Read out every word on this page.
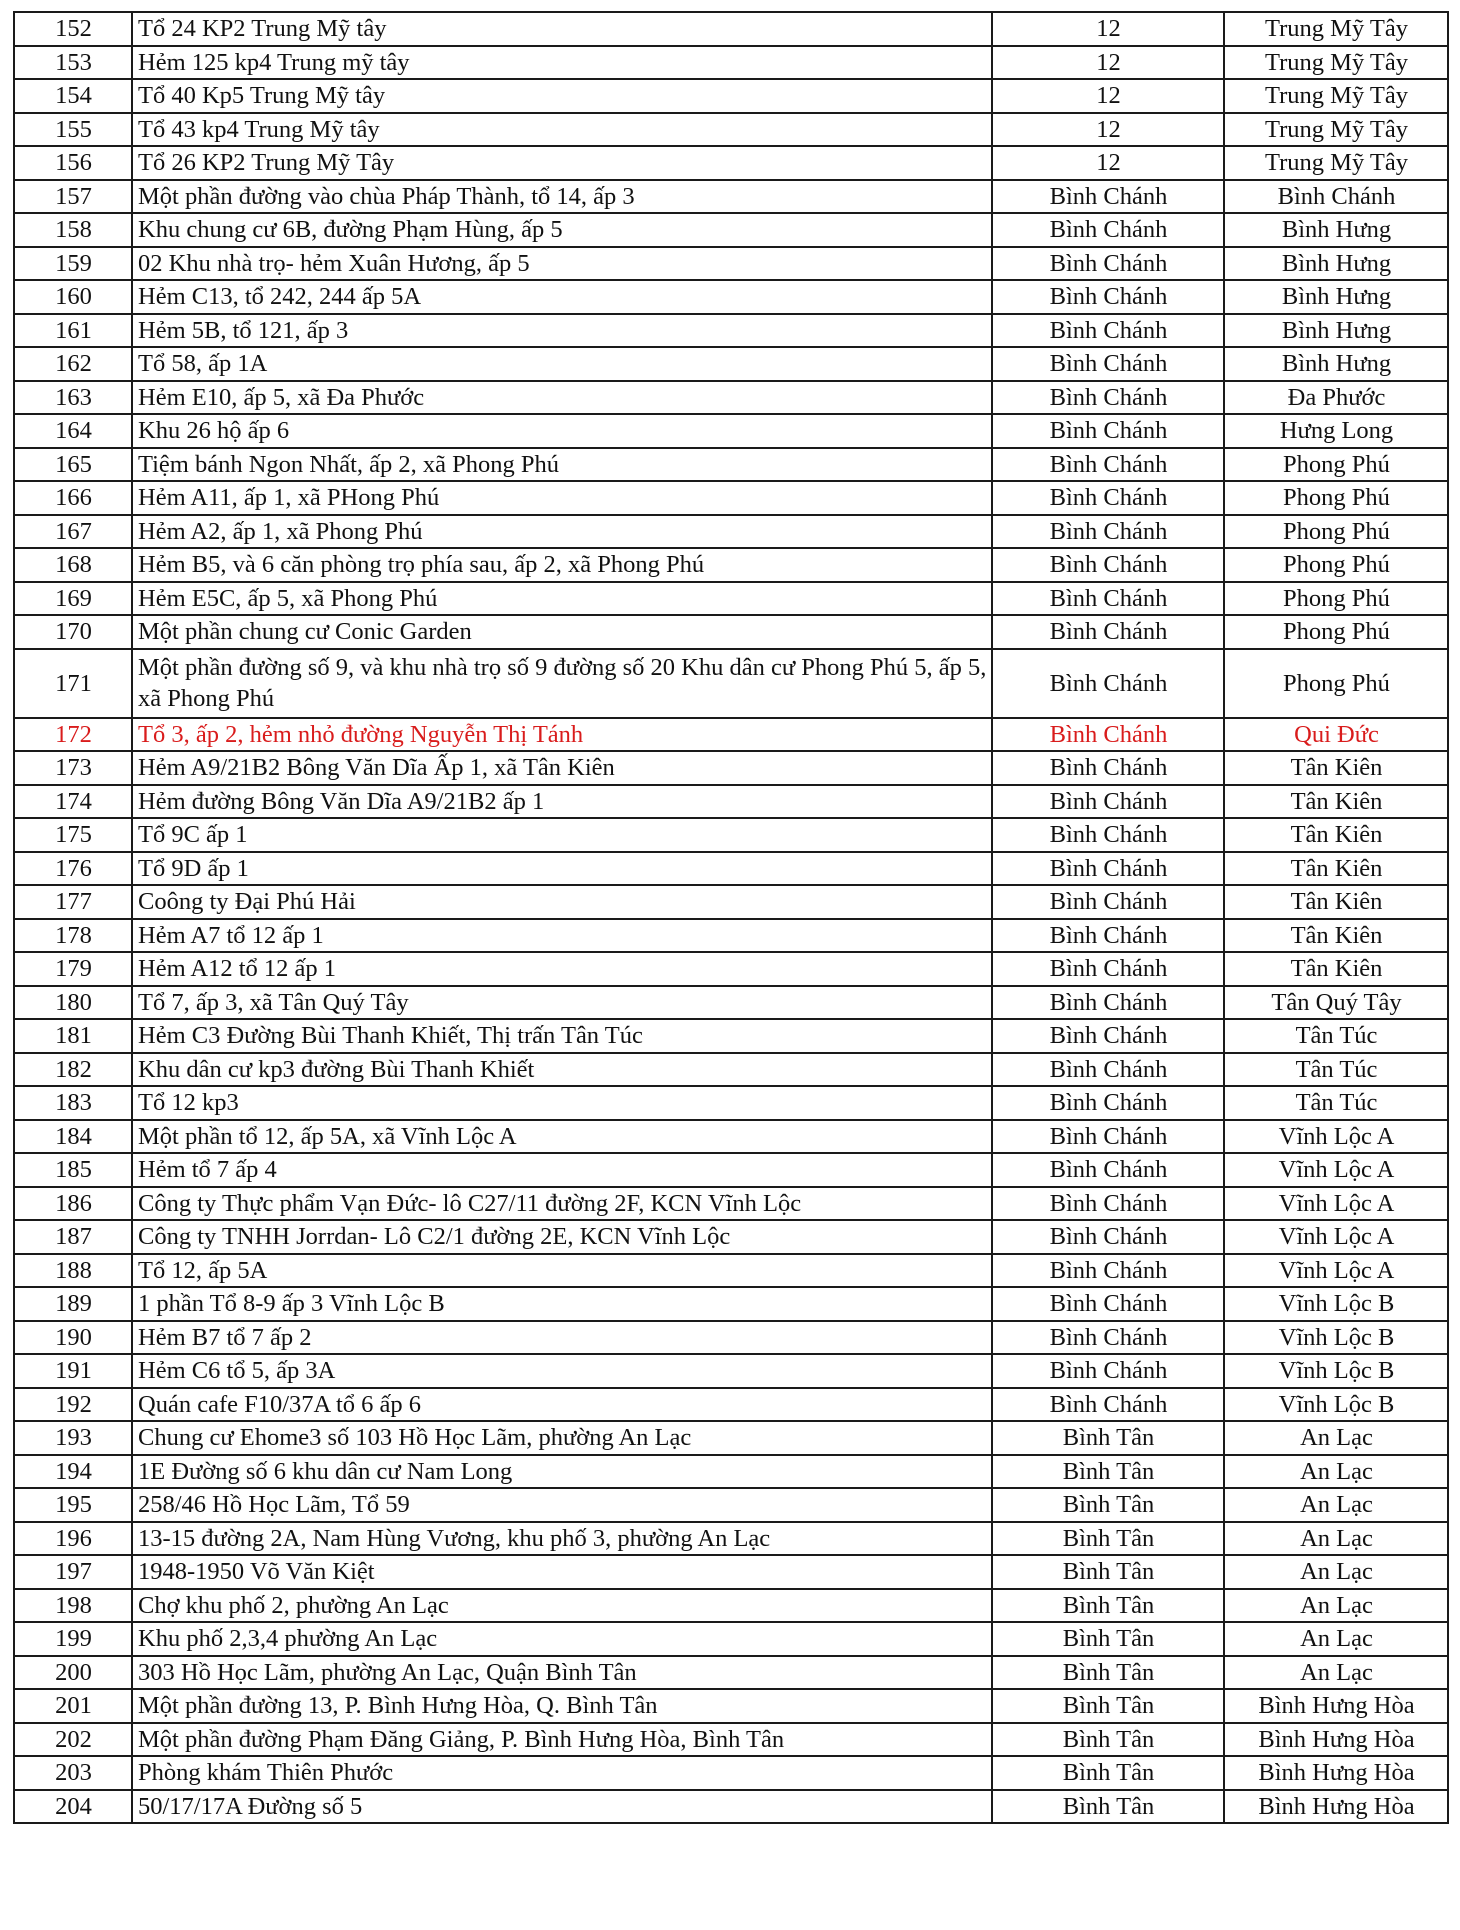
152	Tổ 24 KP2 Trung Mỹ tây	12	Trung Mỹ Tây
153	Hẻm 125 kp4 Trung mỹ tây	12	Trung Mỹ Tây
154	Tổ 40 Kp5 Trung Mỹ tây	12	Trung Mỹ Tây
155	Tổ 43 kp4 Trung Mỹ tây	12	Trung Mỹ Tây
156	Tổ 26 KP2 Trung Mỹ Tây	12	Trung Mỹ Tây
157	Một phần đường vào chùa Pháp Thành, tổ 14, ấp 3	Bình Chánh	Bình Chánh
158	Khu chung cư 6B, đường Phạm Hùng, ấp 5	Bình Chánh	Bình Hưng
159	02 Khu nhà trọ- hẻm Xuân Hương, ấp 5	Bình Chánh	Bình Hưng
160	Hẻm C13, tổ 242, 244 ấp 5A	Bình Chánh	Bình Hưng
161	Hẻm 5B, tổ 121, ấp 3	Bình Chánh	Bình Hưng
162	Tổ 58, ấp 1A	Bình Chánh	Bình Hưng
163	Hẻm E10, ấp 5, xã Đa Phước	Bình Chánh	Đa Phước
164	Khu 26 hộ ấp 6	Bình Chánh	Hưng Long
165	Tiệm bánh Ngon Nhất, ấp 2, xã Phong Phú	Bình Chánh	Phong Phú
166	Hẻm A11, ấp 1, xã PHong Phú	Bình Chánh	Phong Phú
167	Hẻm A2, ấp 1, xã Phong Phú	Bình Chánh	Phong Phú
168	Hẻm B5, và 6 căn phòng trọ phía sau, ấp 2, xã Phong Phú	Bình Chánh	Phong Phú
169	Hẻm E5C, ấp 5, xã Phong Phú	Bình Chánh	Phong Phú
170	Một phần chung cư Conic Garden	Bình Chánh	Phong Phú
171	Một phần đường số 9, và khu nhà trọ số 9 đường số 20 Khu dân cư Phong Phú 5, ấp 5, xã Phong Phú	Bình Chánh	Phong Phú
172	Tổ 3, ấp 2, hẻm nhỏ đường Nguyễn Thị Tánh	Bình Chánh	Qui Đức
173	Hẻm A9/21B2 Bông Văn Dĩa Ấp 1, xã Tân Kiên	Bình Chánh	Tân Kiên
174	Hẻm đường Bông Văn Dĩa A9/21B2 ấp 1	Bình Chánh	Tân Kiên
175	Tổ 9C ấp 1	Bình Chánh	Tân Kiên
176	Tổ 9D ấp 1	Bình Chánh	Tân Kiên
177	Coông ty Đại Phú Hải	Bình Chánh	Tân Kiên
178	Hẻm A7 tổ 12 ấp 1	Bình Chánh	Tân Kiên
179	Hẻm A12 tổ 12 ấp 1	Bình Chánh	Tân Kiên
180	Tổ 7, ấp 3, xã Tân Quý Tây	Bình Chánh	Tân Quý Tây
181	Hẻm C3 Đường Bùi Thanh Khiết, Thị trấn Tân Túc	Bình Chánh	Tân Túc
182	Khu dân cư kp3 đường Bùi Thanh Khiết	Bình Chánh	Tân Túc
183	Tổ 12 kp3	Bình Chánh	Tân Túc
184	Một phần tổ 12, ấp 5A, xã Vĩnh Lộc A	Bình Chánh	Vĩnh Lộc A
185	Hẻm tổ 7 ấp 4	Bình Chánh	Vĩnh Lộc A
186	Công ty Thực phẩm Vạn Đức- lô C27/11 đường 2F, KCN Vĩnh Lộc	Bình Chánh	Vĩnh Lộc A
187	Công ty TNHH Jorrdan- Lô C2/1 đường 2E, KCN Vĩnh Lộc	Bình Chánh	Vĩnh Lộc A
188	Tổ 12, ấp 5A	Bình Chánh	Vĩnh Lộc A
189	1 phần Tổ 8-9 ấp 3 Vĩnh Lộc B	Bình Chánh	Vĩnh Lộc B
190	Hẻm B7 tổ 7 ấp 2	Bình Chánh	Vĩnh Lộc B
191	Hẻm C6 tổ 5, ấp 3A	Bình Chánh	Vĩnh Lộc B
192	Quán cafe F10/37A tổ 6 ấp 6	Bình Chánh	Vĩnh Lộc B
193	Chung cư Ehome3 số 103 Hồ Học Lãm, phường An Lạc	Bình Tân	An Lạc
194	1E Đường số 6 khu dân cư Nam Long	Bình Tân	An Lạc
195	258/46 Hồ Học Lãm, Tổ 59	Bình Tân	An Lạc
196	13-15 đường 2A, Nam Hùng Vương, khu phố 3, phường An Lạc	Bình Tân	An Lạc
197	1948-1950 Võ Văn Kiệt	Bình Tân	An Lạc
198	Chợ khu phố 2, phường An Lạc	Bình Tân	An Lạc
199	Khu phố 2,3,4 phường An Lạc	Bình Tân	An Lạc
200	303 Hồ Học Lãm, phường An Lạc, Quận Bình Tân	Bình Tân	An Lạc
201	Một phần đường 13, P. Bình Hưng Hòa, Q. Bình Tân	Bình Tân	Bình Hưng Hòa
202	Một phần đường Phạm Đăng Giảng, P. Bình Hưng Hòa, Bình Tân	Bình Tân	Bình Hưng Hòa
203	Phòng khám Thiên Phước	Bình Tân	Bình Hưng Hòa
204	50/17/17A Đường số 5	Bình Tân	Bình Hưng Hòa
